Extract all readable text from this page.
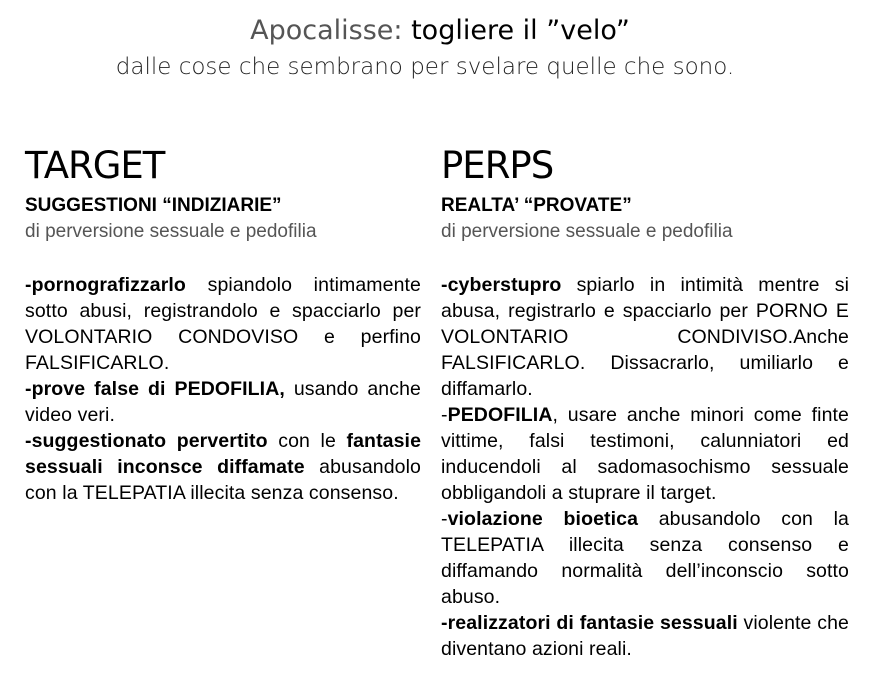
Apocalisse: togliere il ”velo”
dalle cose che sembrano per svelare quelle che sono.
TARGET
SUGGESTIONI “INDIZIARIE”
di perversione sessuale e pedofilia

-pornografizzarlo spiandolo intimamente sotto abusi, registrandolo e spacciarlo per VOLONTARIO CONDOVISO e perfino FALSIFICARLO.

-prove false di PEDOFILIA, usando anche video veri.

-suggestionato pervertito con le fantasie sessuali inconsce diffamate abusandolo con la TELEPATIA illecita senza consenso.

PERPS
REALTA’ “PROVATE”
di perversione sessuale e pedofilia

-cyberstupro spiarlo in intimità mentre si abusa, registrarlo e spacciarlo per PORNO E VOLONTARIO CONDIVISO.Anche FALSIFICARLO. Dissacrarlo, umiliarlo e diffamarlo.

-PEDOFILIA, usare anche minori come finte vittime, falsi testimoni, calunniatori ed inducendoli al sadomasochismo sessuale obbligandoli a stuprare il target.

-violazione bioetica abusandolo con la TELEPATIA illecita senza consenso e diffamando normalità dell’inconscio sotto abuso.

-realizzatori di fantasie sessuali violente che diventano azioni reali.
